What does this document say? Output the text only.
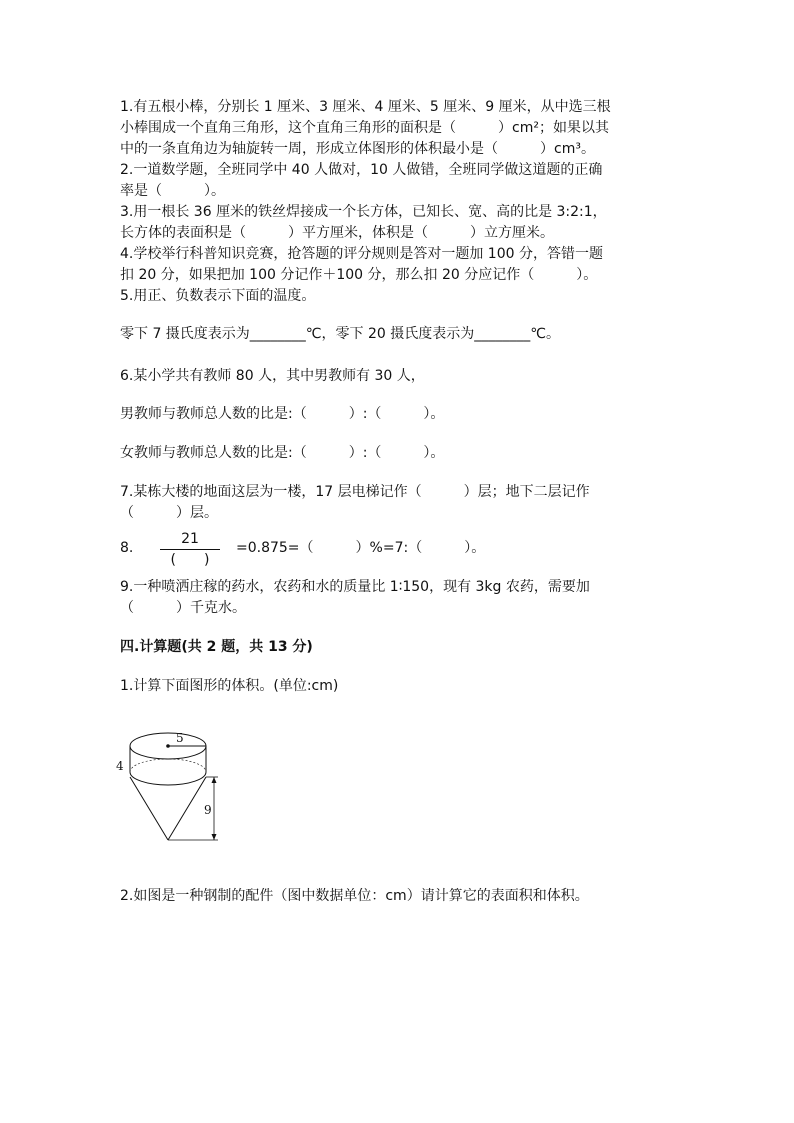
1.有五根小棒，分别长 1 厘米、3 厘米、4 厘米、5 厘米、9 厘米，从中选三根
小棒围成一个直角三角形，这个直角三角形的面积是（　　　）cm²；如果以其
中的一条直角边为轴旋转一周，形成立体图形的体积最小是（　　　）cm³。
2.一道数学题，全班同学中 40 人做对，10 人做错，全班同学做这道题的正确
率是（　　　）。
3.用一根长 36 厘米的铁丝焊接成一个长方体，已知长、宽、高的比是 3:2:1，
长方体的表面积是（　　　）平方厘米，体积是（　　　）立方厘米。
4.学校举行科普知识竞赛，抢答题的评分规则是答对一题加 100 分，答错一题
扣 20 分，如果把加 100 分记作＋100 分，那么扣 20 分应记作（　　　）。
5.用正、负数表示下面的温度。
零下 7 摄氏度表示为________℃，零下 20 摄氏度表示为________℃。
6.某小学共有教师 80 人，其中男教师有 30 人，
男教师与教师总人数的比是:（　　　）:（　　　）。
女教师与教师总人数的比是:（　　　）:（　　　）。
7.某栋大楼的地面这层为一楼，17 层电梯记作（　　　）层；地下二层记作
（　　　）层。
8.
21
(　　)
=0.875=（　　　）%=7:（　　　）。
9.一种喷洒庄稼的药水，农药和水的质量比 1∶150，现有 3kg 农药，需要加
（　　　）千克水。
四.计算题(共 2 题，共 13 分)
1.计算下面图形的体积。(单位:cm)
5
4
9
2.如图是一种钢制的配件（图中数据单位：cm）请计算它的表面积和体积。
